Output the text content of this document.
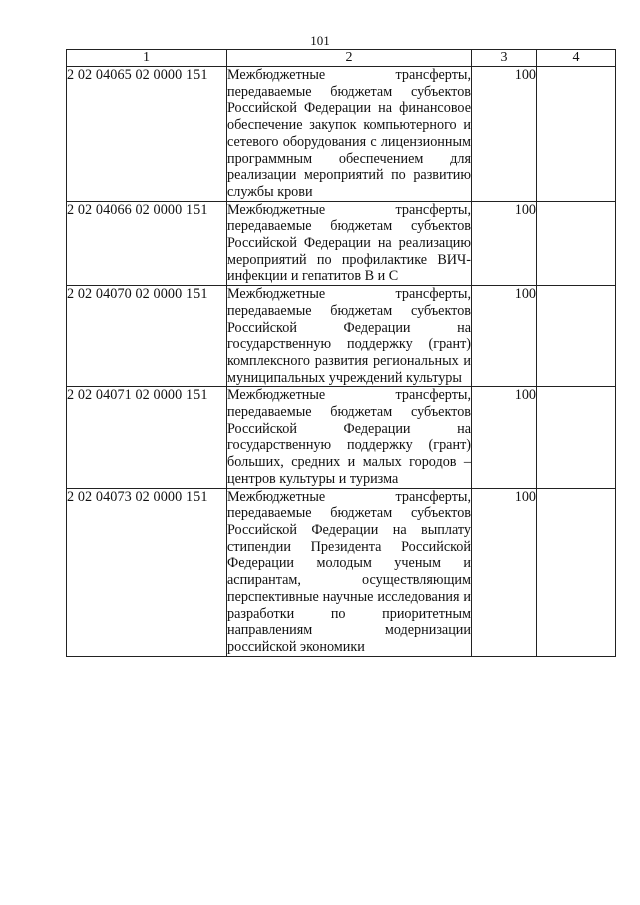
101
1	2	3	4
2 02 04065 02 0000 151	Межбюджетные трансферты, передаваемые бюджетам субъектов Российской Федерации на финансовое обеспечение закупок компьютерного и сетевого оборудования с лицензионным программным обеспечением для реализации мероприятий по развитию службы крови	100	
2 02 04066 02 0000 151	Межбюджетные трансферты, передаваемые бюджетам субъектов Российской Федерации на реализацию мероприятий по профилактике ВИЧ-инфекции и гепатитов B и C	100	
2 02 04070 02 0000 151	Межбюджетные трансферты, передаваемые бюджетам субъектов Российской Федерации на государственную поддержку (грант) комплексного развития региональных и муниципальных учреждений культуры	100	
2 02 04071 02 0000 151	Межбюджетные трансферты, передаваемые бюджетам субъектов Российской Федерации на государственную поддержку (грант) больших, средних и малых городов – центров культуры и туризма	100	
2 02 04073 02 0000 151	Межбюджетные трансферты, передаваемые бюджетам субъектов Российской Федерации на выплату стипендии Президента Российской Федерации молодым ученым и аспирантам, осуществляющим перспективные научные исследования и разработки по приоритетным направлениям модернизации российской экономики	100	
